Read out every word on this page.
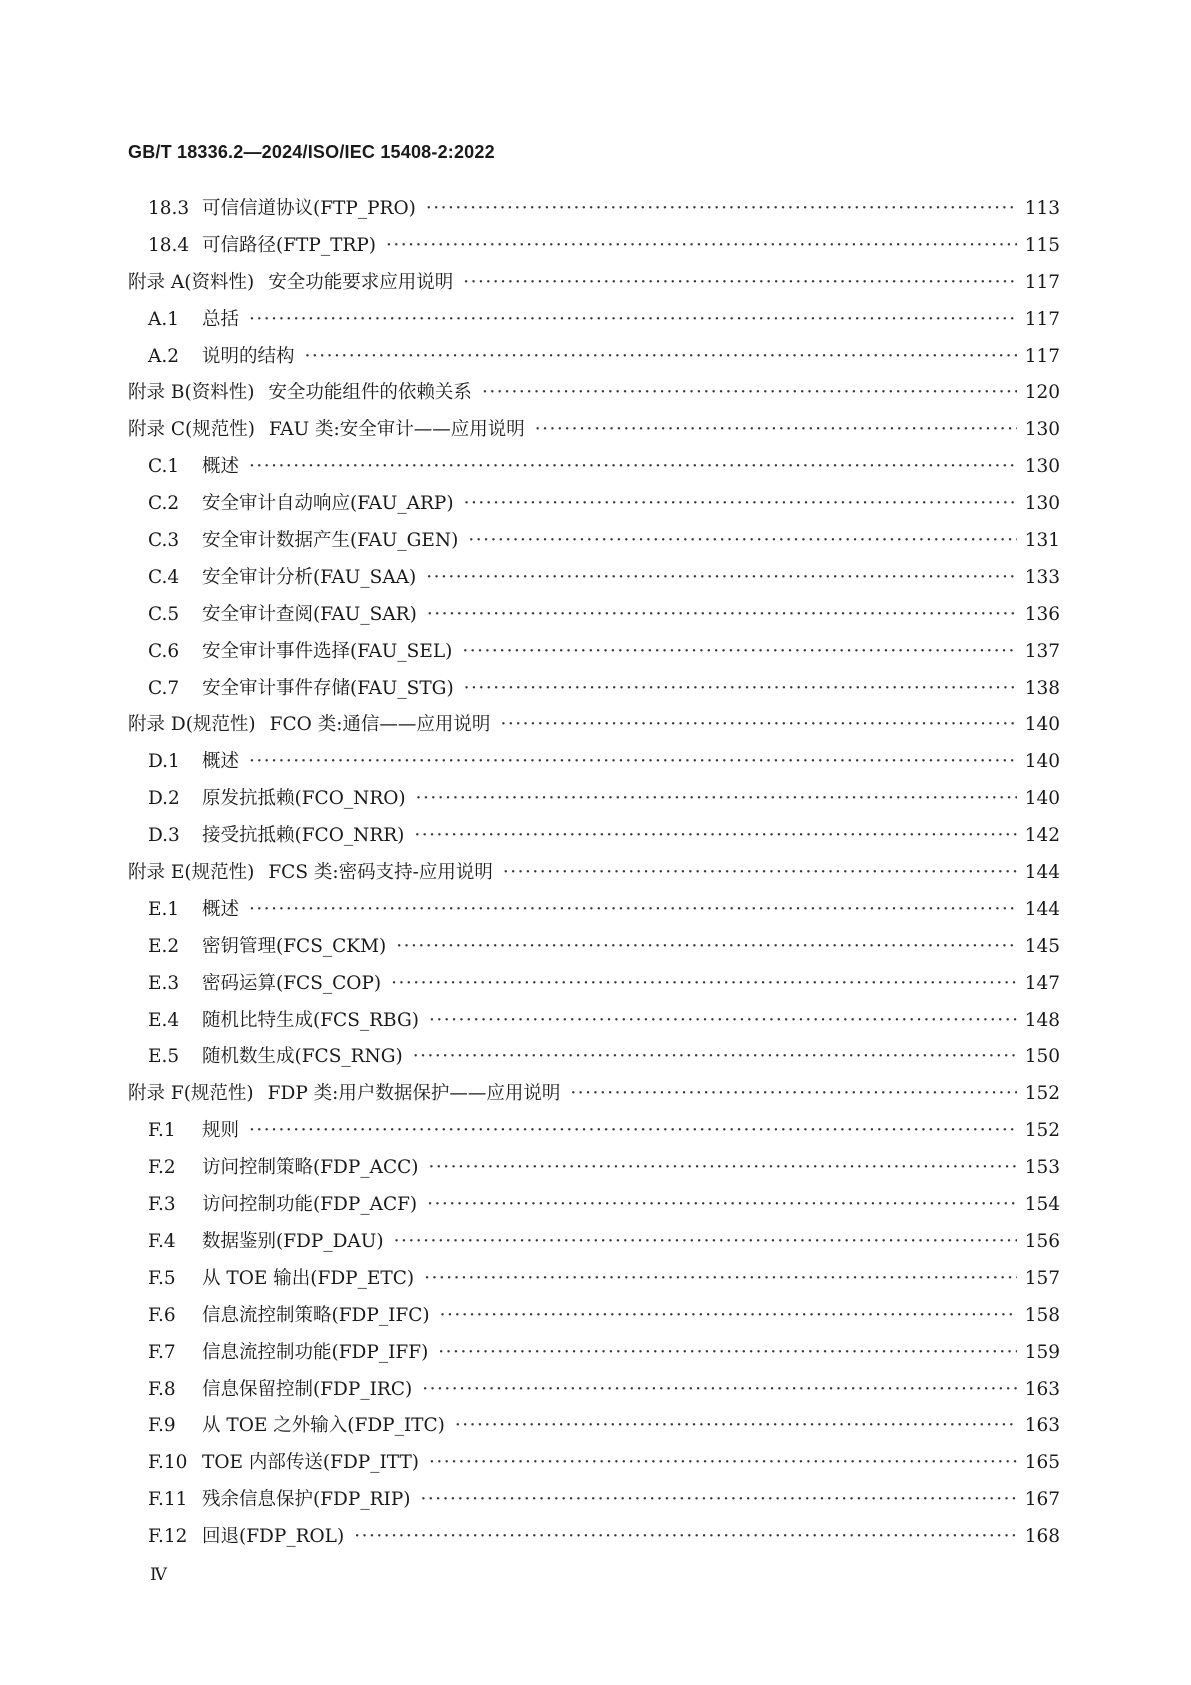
GB/T 18336.2—2024/ISO/IEC 15408-2:2022
18.3 可信信道协议(FTP_PRO) ·····	113
18.4 可信路径(FTP_TRP) ·····	115
附录 A(资料性) 安全功能要求应用说明 ·····	117
A.1	总括 ·····	117
A.2	说明的结构 ·····	117
附录 B(资料性) 安全功能组件的依赖关系 ·····	120
附录 C(规范性) FAU 类:安全审计——应用说明 ·····	130
C.1	概述 ·····	130
C.2	安全审计自动响应(FAU_ARP) ·····	130
C.3	安全审计数据产生(FAU_GEN) ·····	131
C.4	安全审计分析(FAU_SAA) ·····	133
C.5	安全审计查阅(FAU_SAR) ·····	136
C.6	安全审计事件选择(FAU_SEL) ·····	137
C.7	安全审计事件存储(FAU_STG) ·····	138
附录 D(规范性) FCO 类:通信——应用说明 ·····	140
D.1	概述 ·····	140
D.2	原发抗抵赖(FCO_NRO) ·····	140
D.3	接受抗抵赖(FCO_NRR) ·····	142
附录 E(规范性) FCS 类:密码支持-应用说明 ·····	144
E.1	概述 ·····	144
E.2	密钥管理(FCS_CKM) ·····	145
E.3	密码运算(FCS_COP) ·····	147
E.4	随机比特生成(FCS_RBG) ·····	148
E.5	随机数生成(FCS_RNG) ·····	150
附录 F(规范性) FDP 类:用户数据保护——应用说明 ·····	152
F.1	规则 ·····	152
F.2	访问控制策略(FDP_ACC) ·····	153
F.3	访问控制功能(FDP_ACF) ·····	154
F.4	数据鉴别(FDP_DAU) ·····	156
F.5	从 TOE 输出(FDP_ETC) ·····	157
F.6	信息流控制策略(FDP_IFC) ·····	158
F.7	信息流控制功能(FDP_IFF) ·····	159
F.8	信息保留控制(FDP_IRC) ·····	163
F.9	从 TOE 之外输入(FDP_ITC) ·····	163
F.10 TOE 内部传送(FDP_ITT) ·····	165
F.11 残余信息保护(FDP_RIP) ·····	167
F.12 回退(FDP_ROL) ·····	168
Ⅳ
